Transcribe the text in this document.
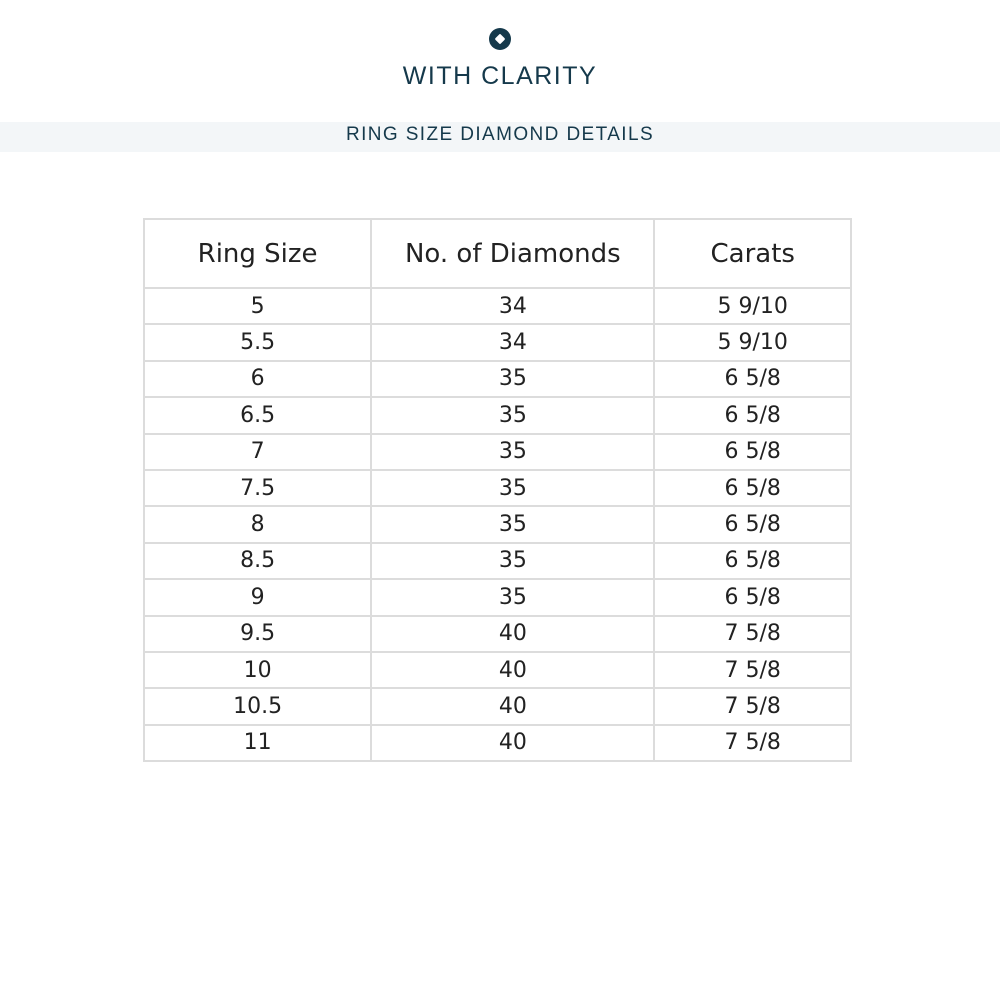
WITH CLARITY
RING SIZE DIAMOND DETAILS
Ring Size	No. of Diamonds	Carats
5	34	5 9/10
5.5	34	5 9/10
6	35	6 5/8
6.5	35	6 5/8
7	35	6 5/8
7.5	35	6 5/8
8	35	6 5/8
8.5	35	6 5/8
9	35	6 5/8
9.5	40	7 5/8
10	40	7 5/8
10.5	40	7 5/8
11	40	7 5/8
